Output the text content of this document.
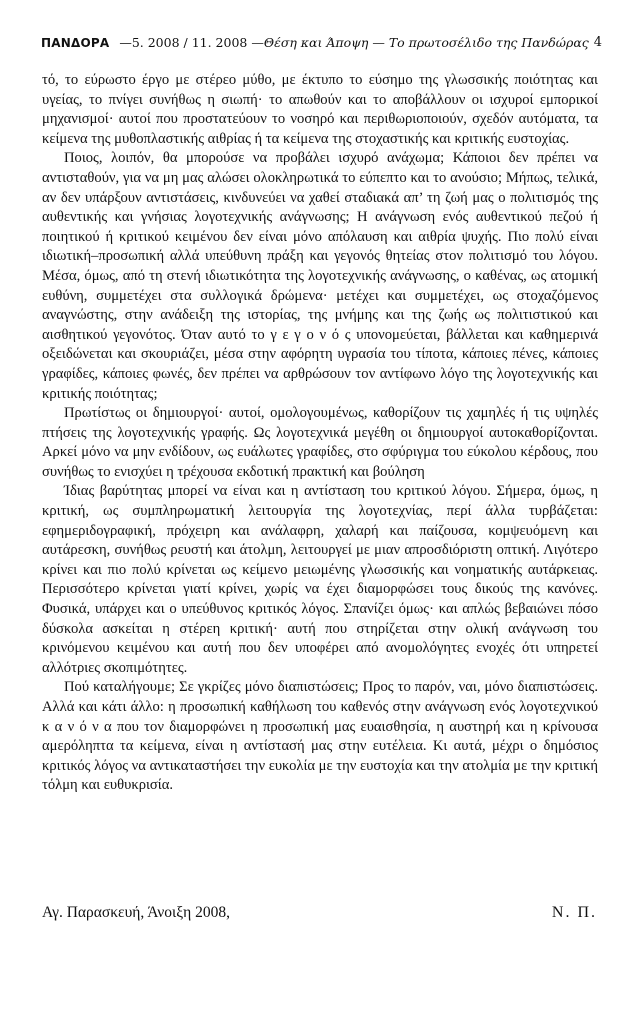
ΠΑΝΔΟΡΑ —5. 2008 / 11. 2008 —Θέση και Άποψη — Το πρωτοσέλιδο της Πανδώρας 4

τό, το εύρωστο έργο με στέρεο μύθο, με έκτυπο το εύσημο της γλωσσικής ποιότητας και υγείας, το πνίγει συνήθως η σιωπή· το απωθούν και το αποβάλλουν οι ισχυροί εμπορικοί μηχανισμοί· αυτοί που προστατεύουν το νοσηρό και περιθωριοποιούν, σχεδόν αυτόματα, τα κείμενα της μυθοπλαστικής αιθρίας ή τα κείμενα της στοχαστικής και κριτικής ευστοχίας.

Ποιος, λοιπόν, θα μπορούσε να προβάλει ισχυρό ανάχωμα; Κάποιοι δεν πρέπει να αντισταθούν, για να μη μας αλώσει ολοκληρωτικά το εύπεπτο και το ανούσιο; Μήπως, τελικά, αν δεν υπάρξουν αντιστάσεις, κινδυνεύει να χαθεί σταδιακά απ’ τη ζωή μας ο πολιτισμός της αυθεντικής και γνήσιας λογοτεχνικής ανάγνωσης; Η ανάγνωση ενός αυθεντικού πεζού ή ποιητικού ή κριτικού κειμένου δεν είναι μόνο απόλαυση και αιθρία ψυχής. Πιο πολύ είναι ιδιωτική–προσωπική αλλά υπεύθυνη πράξη και γεγονός θητείας στον πολιτισμό του λόγου. Μέσα, όμως, από τη στενή ιδιωτικότητα της λογοτεχνικής ανάγνωσης, ο καθένας, ως ατομική ευθύνη, συμμετέχει στα συλλογικά δρώμενα· μετέχει και συμμετέχει, ως στοχαζόμενος αναγνώστης, στην ανάδειξη της ιστορίας, της μνήμης και της ζωής ως πολιτιστικού και αισθητικού γεγονότος. Όταν αυτό το γ ε γ ο ν ό ς υπονομεύεται, βάλλεται και καθημερινά οξειδώνεται και σκουριάζει, μέσα στην αφόρητη υγρασία του τίποτα, κάποιες πένες, κάποιες γραφίδες, κάποιες φωνές, δεν πρέπει να αρθρώσουν τον αντίφωνο λόγο της λογοτεχνικής και κριτικής ποιότητας;

Πρωτίστως οι δημιουργοί· αυτοί, ομολογουμένως, καθορίζουν τις χαμηλές ή τις υψηλές πτήσεις της λογοτεχνικής γραφής. Ως λογοτεχνικά μεγέθη οι δημιουργοί αυτοκαθορίζονται. Αρκεί μόνο να μην ενδίδουν, ως ευάλωτες γραφίδες, στο σφύριγμα του εύκολου κέρδους, που συνήθως το ενισχύει η τρέχουσα εκδοτική πρακτική και βούληση

Ίδιας βαρύτητας μπορεί να είναι και η αντίσταση του κριτικού λόγου. Σήμερα, όμως, η κριτική, ως συμπληρωματική λειτουργία της λογοτεχνίας, περί άλλα τυρβάζεται: εφημεριδογραφική, πρόχειρη και ανάλαφρη, χαλαρή και παίζουσα, κομψευόμενη και αυτάρεσκη, συνήθως ρευστή και άτολμη, λειτουργεί με μιαν απροσδιόριστη οπτική. Λιγότερο κρίνει και πιο πολύ κρίνεται ως κείμενο μειωμένης γλωσσικής και νοηματικής αυτάρκειας. Περισσότερο κρίνεται γιατί κρίνει, χωρίς να έχει διαμορφώσει τους δικούς της κανόνες. Φυσικά, υπάρχει και ο υπεύθυνος κριτικός λόγος. Σπανίζει όμως· και απλώς βεβαιώνει πόσο δύσκολα ασκείται η στέρεη κριτική· αυτή που στηρίζεται στην ολική ανάγνωση του κρινόμενου κειμένου και αυτή που δεν υποφέρει από ανομολόγητες ενοχές ότι υπηρετεί αλλότριες σκοπιμότητες.

Πού καταλήγουμε; Σε γκρίζες μόνο διαπιστώσεις; Προς το παρόν, ναι, μόνο διαπιστώσεις. Αλλά και κάτι άλλο: η προσωπική καθήλωση του καθενός στην ανάγνωση ενός λογοτεχνικού κ α ν ό ν α που τον διαμορφώνει η προσωπική μας ευαισθησία, η αυστηρή και η κρίνουσα αμερόληπτα τα κείμενα, είναι η αντίστασή μας στην ευτέλεια. Κι αυτά, μέχρι ο δημόσιος κριτικός λόγος να αντικαταστήσει την ευκολία με την ευστοχία και την ατολμία με την κριτική τόλμη και ευθυκρισία.

Αγ. Παρασκευή, Άνοιξη 2008,	Ν. Π.
